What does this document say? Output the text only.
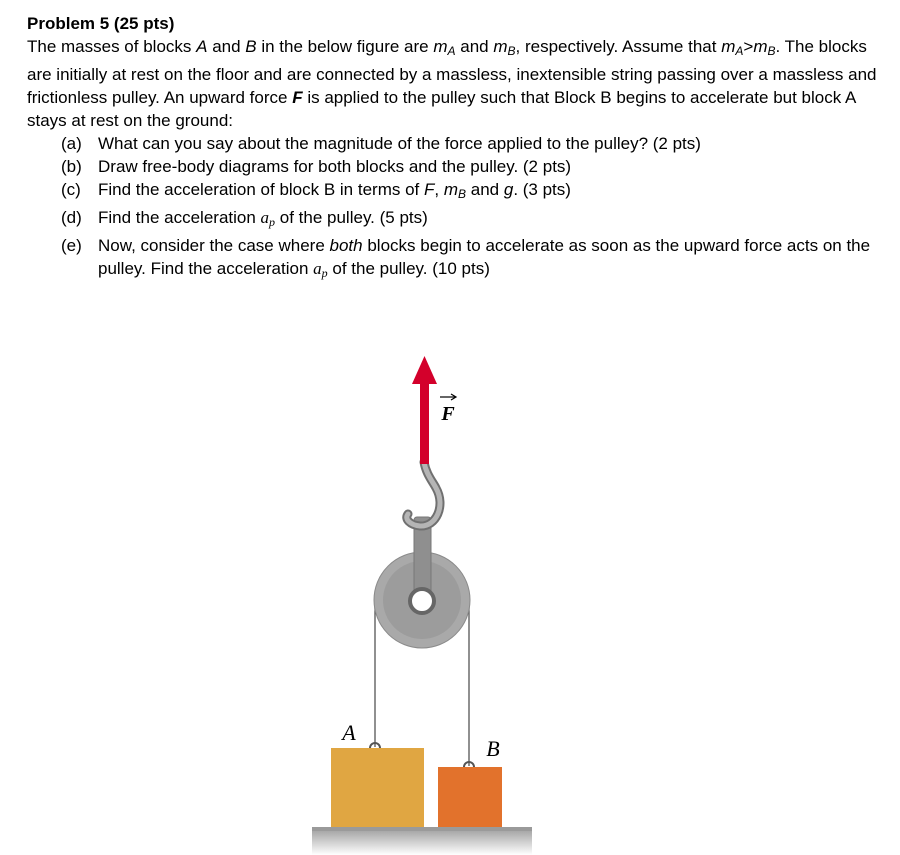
Problem 5 (25 pts)
The masses of blocks A and B in the below figure are $m_A$ and $m_B$, respectively. Assume that $m_A>m_B$. The blocks are initially at rest on the floor and are connected by a massless, inextensible string passing over a massless and frictionless pulley. An upward force F is applied to the pulley such that Block B begins to accelerate but block A stays at rest on the ground:
(a) What can you say about the magnitude of the force applied to the pulley? (2 pts)
(b) Draw free-body diagrams for both blocks and the pulley. (2 pts)
(c) Find the acceleration of block B in terms of F, $m_B$ and g. (3 pts)
(d) Find the acceleration $a_p$ of the pulley. (5 pts)
(e) Now, consider the case where both blocks begin to accelerate as soon as the upward force acts on the pulley. Find the acceleration $a_p$ of the pulley. (10 pts)
F
A
B
